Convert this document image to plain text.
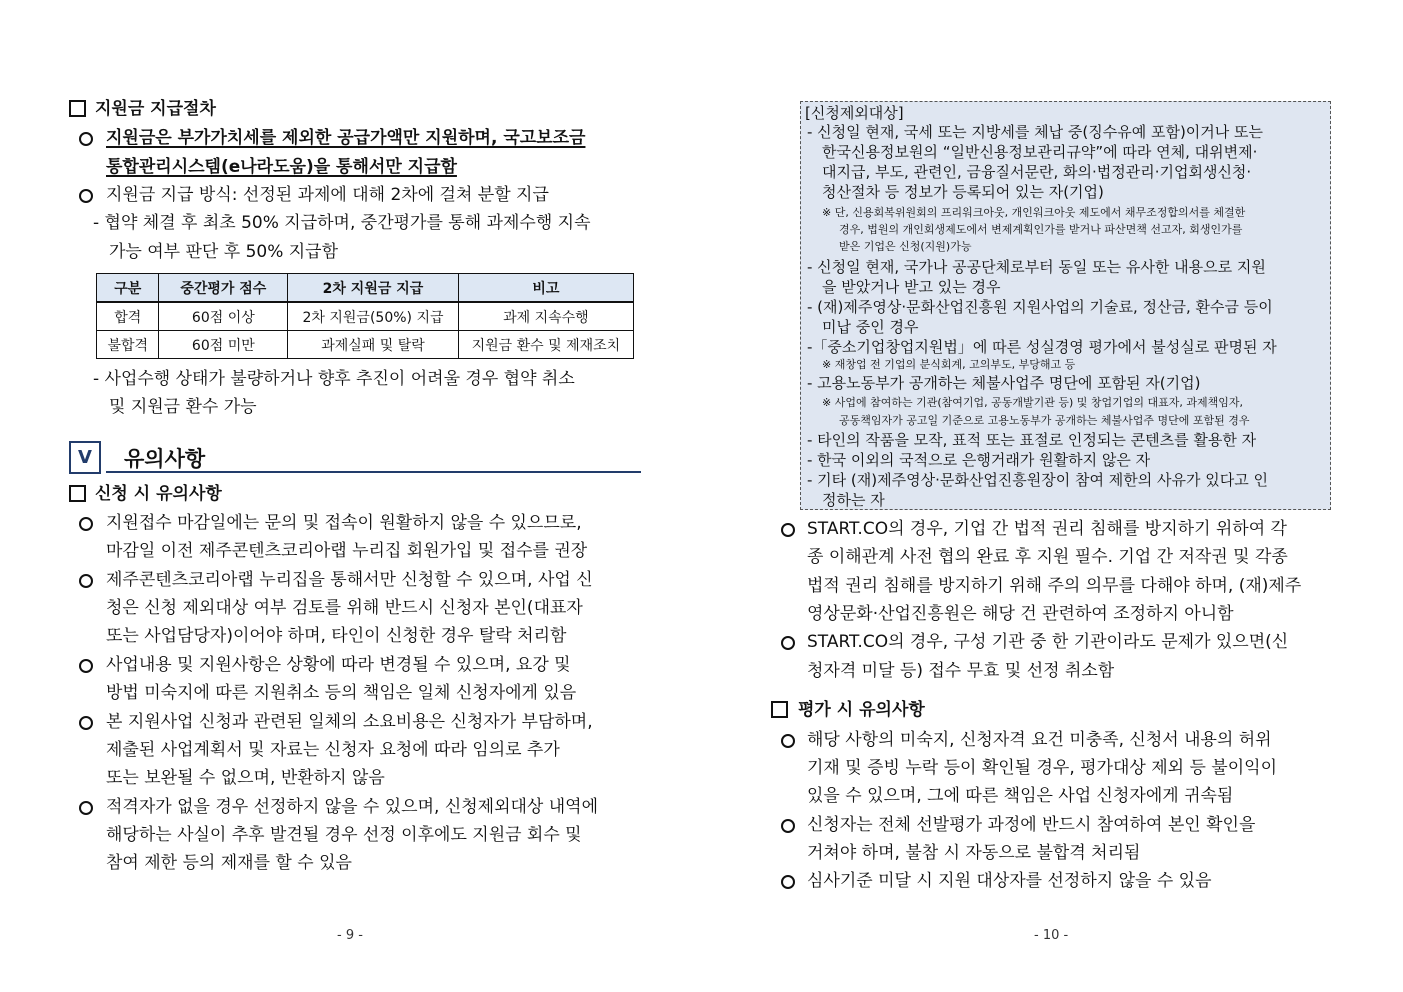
지원금 지급절차
지원금은 부가가치세를 제외한 공급가액만 지원하며, 국고보조금
통합관리시스템(e나라도움)을 통해서만 지급함
지원금 지급 방식: 선정된 과제에 대해 2차에 걸쳐 분할 지급
- 협약 체결 후 최초 50% 지급하며, 중간평가를 통해 과제수행 지속
가능 여부 판단 후 50% 지급함
구분	중간평가 점수	2차 지원금 지급	비고
합격	60점 이상	2차 지원금(50%) 지급	과제 지속수행
불합격	60점 미만	과제실패 및 탈락	지원금 환수 및 제재조치
- 사업수행 상태가 불량하거나 향후 추진이 어려울 경우 협약 취소
및 지원금 환수 가능
V	유의사항
신청 시 유의사항
지원접수 마감일에는 문의 및 접속이 원활하지 않을 수 있으므로,
마감일 이전 제주콘텐츠코리아랩 누리집 회원가입 및 접수를 권장
제주콘텐츠코리아랩 누리집을 통해서만 신청할 수 있으며, 사업 신
청은 신청 제외대상 여부 검토를 위해 반드시 신청자 본인(대표자
또는 사업담당자)이어야 하며, 타인이 신청한 경우 탈락 처리함
사업내용 및 지원사항은 상황에 따라 변경될 수 있으며, 요강 및
방법 미숙지에 따른 지원취소 등의 책임은 일체 신청자에게 있음
본 지원사업 신청과 관련된 일체의 소요비용은 신청자가 부담하며,
제출된 사업계획서 및 자료는 신청자 요청에 따라 임의로 추가
또는 보완될 수 없으며, 반환하지 않음
적격자가 없을 경우 선정하지 않을 수 있으며, 신청제외대상 내역에
해당하는 사실이 추후 발견될 경우 선정 이후에도 지원금 회수 및
참여 제한 등의 제재를 할 수 있음
- 9 -
[신청제외대상]
- 신청일 현재, 국세 또는 지방세를 체납 중(징수유예 포함)이거나 또는
한국신용정보원의 “일반신용정보관리규약”에 따라 연체, 대위변제·
대지급, 부도, 관련인, 금융질서문란, 화의·법정관리·기업회생신청·
청산절차 등 정보가 등록되어 있는 자(기업)
※ 단, 신용회복위원회의 프리워크아웃, 개인워크아웃 제도에서 채무조정합의서를 체결한
경우, 법원의 개인회생제도에서 변제계획인가를 받거나 파산면책 선고자, 회생인가를
받은 기업은 신청(지원)가능
- 신청일 현재, 국가나 공공단체로부터 동일 또는 유사한 내용으로 지원
을 받았거나 받고 있는 경우
- (재)제주영상·문화산업진흥원 지원사업의 기술료, 정산금, 환수금 등이
미납 중인 경우
-「중소기업창업지원법」에 따른 성실경영 평가에서 불성실로 판명된 자
※ 재창업 전 기업의 분식회계, 고의부도, 부당해고 등
- 고용노동부가 공개하는 체불사업주 명단에 포함된 자(기업)
※ 사업에 참여하는 기관(참여기업, 공동개발기관 등) 및 창업기업의 대표자, 과제책임자,
공동책임자가 공고일 기준으로 고용노동부가 공개하는 체불사업주 명단에 포함된 경우
- 타인의 작품을 모작, 표적 또는 표절로 인정되는 콘텐츠를 활용한 자
- 한국 이외의 국적으로 은행거래가 원활하지 않은 자
- 기타 (재)제주영상·문화산업진흥원장이 참여 제한의 사유가 있다고 인
정하는 자
START.CO의 경우, 기업 간 법적 권리 침해를 방지하기 위하여 각
종 이해관계 사전 협의 완료 후 지원 필수. 기업 간 저작권 및 각종
법적 권리 침해를 방지하기 위해 주의 의무를 다해야 하며, (재)제주
영상문화·산업진흥원은 해당 건 관련하여 조정하지 아니함
START.CO의 경우, 구성 기관 중 한 기관이라도 문제가 있으면(신
청자격 미달 등) 접수 무효 및 선정 취소함
평가 시 유의사항
해당 사항의 미숙지, 신청자격 요건 미충족, 신청서 내용의 허위
기재 및 증빙 누락 등이 확인될 경우, 평가대상 제외 등 불이익이
있을 수 있으며, 그에 따른 책임은 사업 신청자에게 귀속됨
신청자는 전체 선발평가 과정에 반드시 참여하여 본인 확인을
거쳐야 하며, 불참 시 자동으로 불합격 처리됨
심사기준 미달 시 지원 대상자를 선정하지 않을 수 있음
- 10 -
